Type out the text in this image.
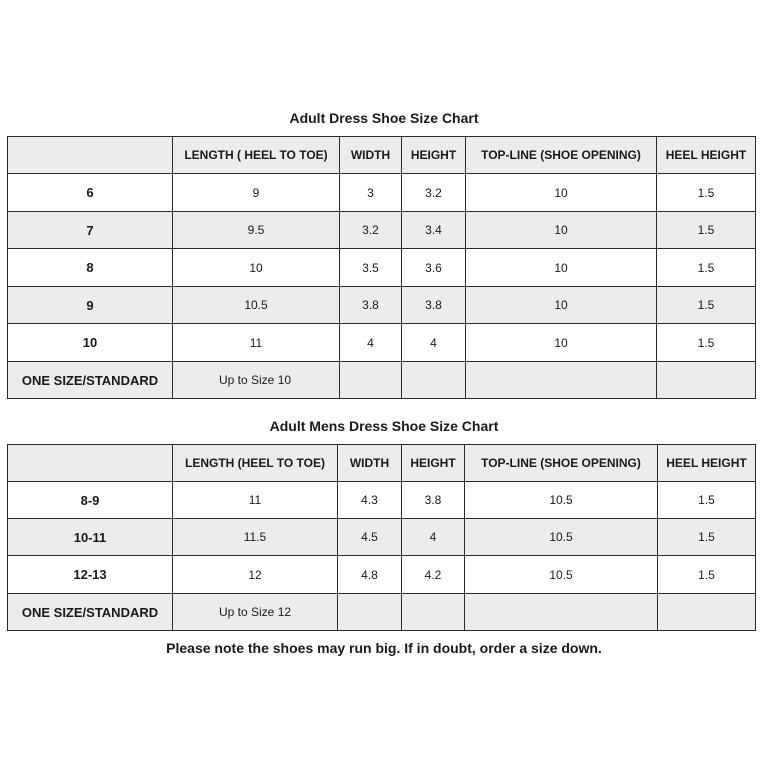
Adult Dress Shoe Size Chart
	LENGTH ( HEEL TO TOE)	WIDTH	HEIGHT	TOP-LINE (SHOE OPENING)	HEEL HEIGHT
6	9	3	3.2	10	1.5
7	9.5	3.2	3.4	10	1.5
8	10	3.5	3.6	10	1.5
9	10.5	3.8	3.8	10	1.5
10	11	4	4	10	1.5
ONE SIZE/STANDARD	Up to Size 10				
Adult Mens Dress Shoe Size Chart
	LENGTH (HEEL TO TOE)	WIDTH	HEIGHT	TOP-LINE (SHOE OPENING)	HEEL HEIGHT
8-9	11	4.3	3.8	10.5	1.5
10-11	11.5	4.5	4	10.5	1.5
12-13	12	4.8	4.2	10.5	1.5
ONE SIZE/STANDARD	Up to Size 12				
Please note the shoes may run big. If in doubt, order a size down.
